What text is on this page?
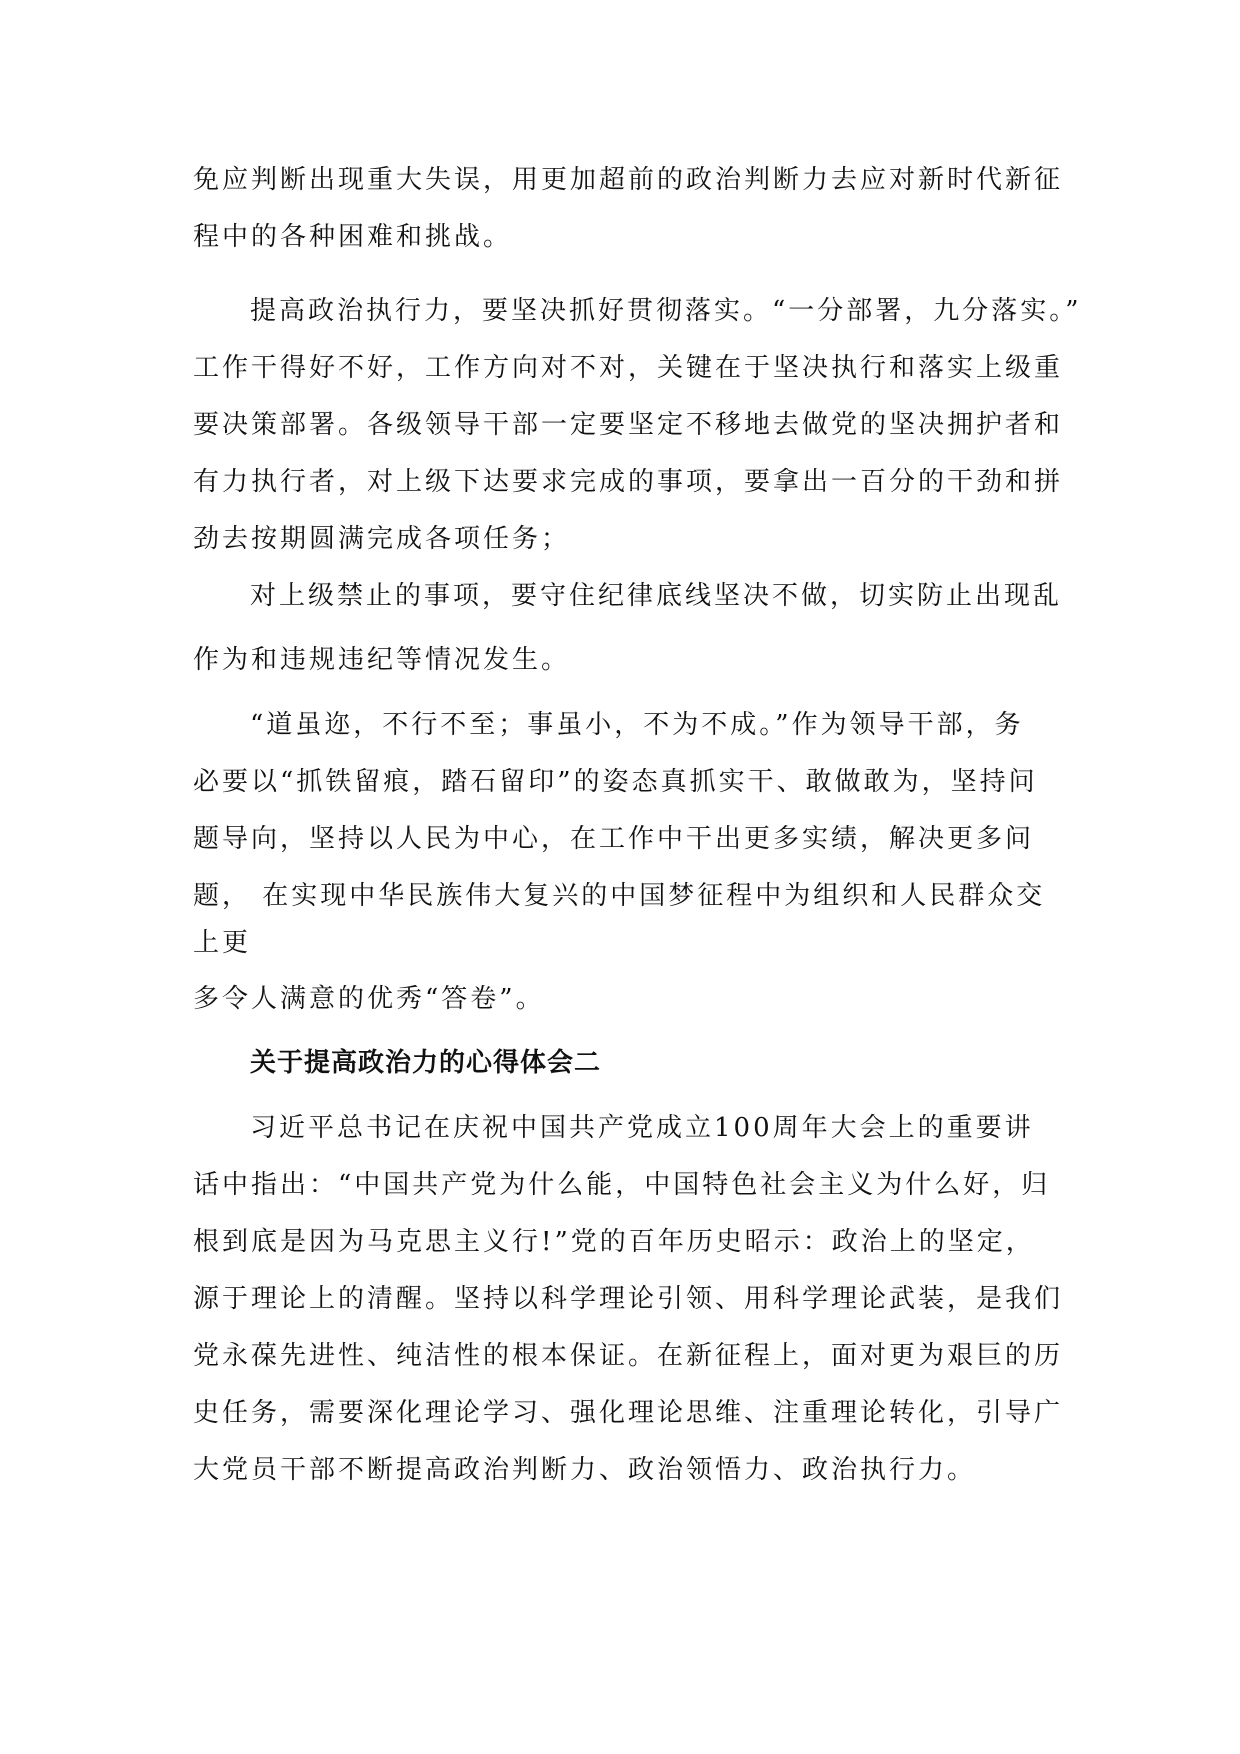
免应判断出现重大失误，用更加超前的政治判断力去应对新时代新征

程中的各种困难和挑战。

提高政治执行力，要坚决抓好贯彻落实。“一分部署，九分落实。”

工作干得好不好，工作方向对不对，关键在于坚决执行和落实上级重

要决策部署。各级领导干部一定要坚定不移地去做党的坚决拥护者和

有力执行者，对上级下达要求完成的事项，要拿出一百分的干劲和拼

劲去按期圆满完成各项任务；

对上级禁止的事项，要守住纪律底线坚决不做，切实防止出现乱

作为和违规违纪等情况发生。

“道虽迩，不行不至；事虽小，不为不成。”作为领导干部，务

必要以“抓铁留痕，踏石留印”的姿态真抓实干、敢做敢为，坚持问

题导向，坚持以人民为中心，在工作中干出更多实绩，解决更多问

题， 在实现中华民族伟大复兴的中国梦征程中为组织和人民群众交

上更

多令人满意的优秀“答卷”。

关于提高政治力的心得体会二

习近平总书记在庆祝中国共产党成立100周年大会上的重要讲

话中指出：“中国共产党为什么能，中国特色社会主义为什么好，归

根到底是因为马克思主义行!”党的百年历史昭示：政治上的坚定，

源于理论上的清醒。坚持以科学理论引领、用科学理论武装，是我们

党永葆先进性、纯洁性的根本保证。在新征程上，面对更为艰巨的历

史任务，需要深化理论学习、强化理论思维、注重理论转化，引导广

大党员干部不断提高政治判断力、政治领悟力、政治执行力。
